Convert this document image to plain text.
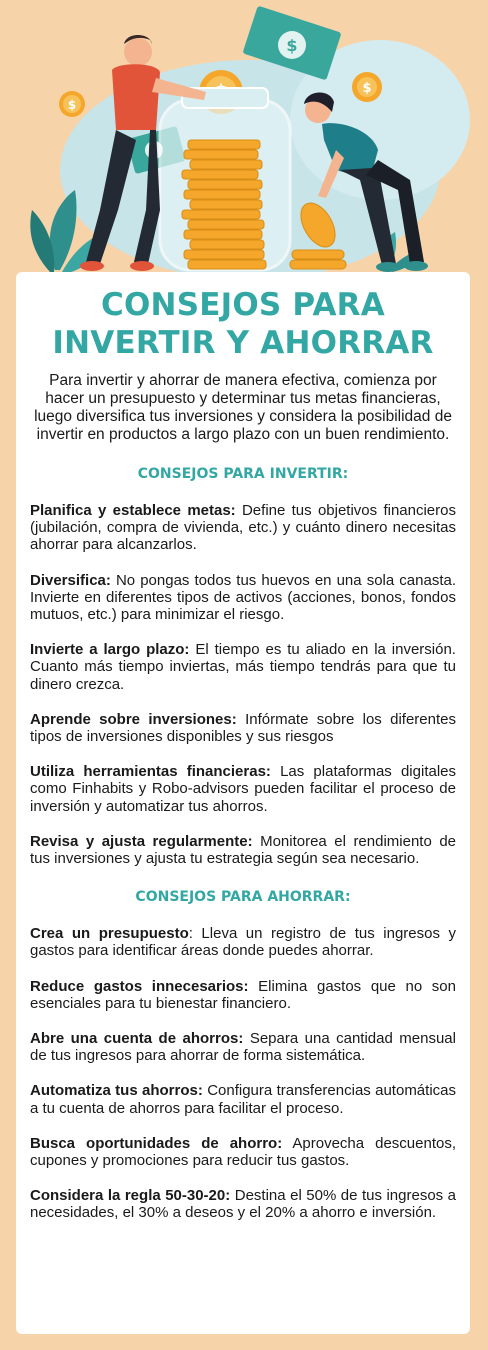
$
$
$
CONSEJOS PARA
INVERTIR Y AHORRAR

Para invertir y ahorrar de manera efectiva, comienza por hacer un presupuesto y determinar tus metas financieras, luego diversifica tus inversiones y considera la posibilidad de invertir en productos a largo plazo con un buen rendimiento.

CONSEJOS PARA INVERTIR:

Planifica y establece metas: Define tus objetivos financieros (jubilación, compra de vivienda, etc.) y cuánto dinero necesitas ahorrar para alcanzarlos.

Diversifica: No pongas todos tus huevos en una sola canasta. Invierte en diferentes tipos de activos (acciones, bonos, fondos mutuos, etc.) para minimizar el riesgo.

Invierte a largo plazo: El tiempo es tu aliado en la inversión. Cuanto más tiempo inviertas, más tiempo tendrás para que tu dinero crezca.

Aprende sobre inversiones: Infórmate sobre los diferentes tipos de inversiones disponibles y sus riesgos

Utiliza herramientas financieras: Las plataformas digitales como Finhabits y Robo-advisors pueden facilitar el proceso de inversión y automatizar tus ahorros.

Revisa y ajusta regularmente: Monitorea el rendimiento de tus inversiones y ajusta tu estrategia según sea necesario.

CONSEJOS PARA AHORRAR:

Crea un presupuesto: Lleva un registro de tus ingresos y gastos para identificar áreas donde puedes ahorrar.

Reduce gastos innecesarios: Elimina gastos que no son esenciales para tu bienestar financiero.

Abre una cuenta de ahorros: Separa una cantidad mensual de tus ingresos para ahorrar de forma sistemática.

Automatiza tus ahorros: Configura transferencias automáticas a tu cuenta de ahorros para facilitar el proceso.

Busca oportunidades de ahorro: Aprovecha descuentos, cupones y promociones para reducir tus gastos.

Considera la regla 50-30-20: Destina el 50% de tus ingresos a necesidades, el 30% a deseos y el 20% a ahorro e inversión.
